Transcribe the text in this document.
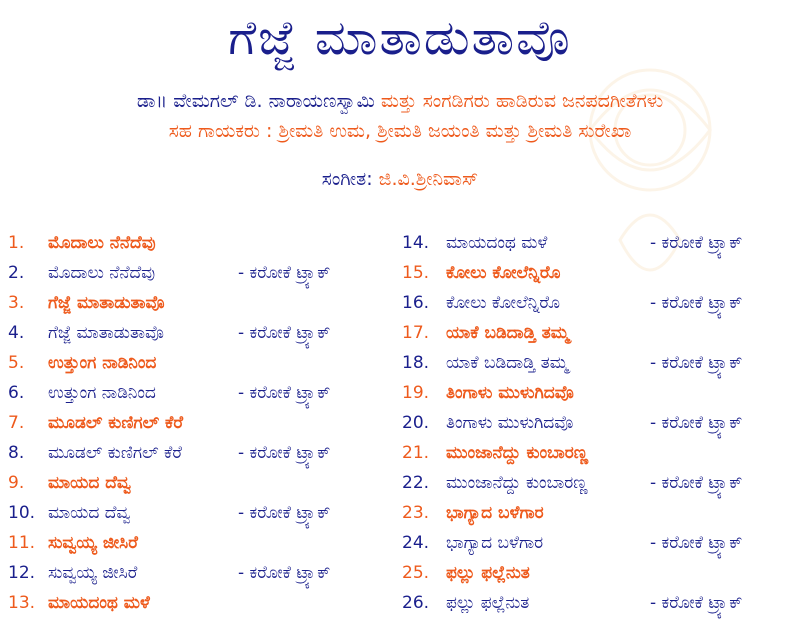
ಗೆಜ್ಜೆ ಮಾತಾಡುತಾವೊ
ಡಾ॥ ವೇಮಗಲ್ ಡಿ. ನಾರಾಯಣಸ್ವಾಮಿ ಮತ್ತು ಸಂಗಡಿಗರು ಹಾಡಿರುವ ಜನಪದಗೀತೆಗಳು
ಸಹ ಗಾಯಕರು : ಶ್ರೀಮತಿ ಉಮ, ಶ್ರೀಮತಿ ಜಯಂತಿ ಮತ್ತು ಶ್ರೀಮತಿ ಸುರೇಖಾ
ಸಂಗೀತ: ಜಿ.ವಿ.ಶ್ರೀನಿವಾಸ್
1. ಮೊದಾಲು ನೆನೆದೆವು
2. ಮೊದಾಲು ನೆನೆದೆವು	- ಕರೋಕೆ ಟ್ರ್ಯಾಕ್
3. ಗೆಜ್ಜೆ ಮಾತಾಡುತಾವೊ
4. ಗೆಜ್ಜೆ ಮಾತಾಡುತಾವೊ	- ಕರೋಕೆ ಟ್ರ್ಯಾಕ್
5. ಉತ್ತುಂಗ ನಾಡಿನಿಂದ
6. ಉತ್ತುಂಗ ನಾಡಿನಿಂದ	- ಕರೋಕೆ ಟ್ರ್ಯಾಕ್
7. ಮೂಡಲ್ ಕುಣಿಗಲ್ ಕೆರೆ
8. ಮೂಡಲ್ ಕುಣಿಗಲ್ ಕೆರೆ	- ಕರೋಕೆ ಟ್ರ್ಯಾಕ್
9. ಮಾಯದ ದೆವ್ವ
10. ಮಾಯದ ದೆವ್ವ	- ಕರೋಕೆ ಟ್ರ್ಯಾಕ್
11. ಸುವ್ವಯ್ಯ ಜೀಸಿರೆ
12. ಸುವ್ವಯ್ಯ ಜೀಸಿರೆ	- ಕರೋಕೆ ಟ್ರ್ಯಾಕ್
13. ಮಾಯದಂಥ ಮಳೆ
14. ಮಾಯದಂಥ ಮಳೆ	- ಕರೋಕೆ ಟ್ರ್ಯಾಕ್
15. ಕೋಲು ಕೋಲೆನ್ನಿರೊ
16. ಕೋಲು ಕೋಲೆನ್ನಿರೊ	- ಕರೋಕೆ ಟ್ರ್ಯಾಕ್
17. ಯಾಕೆ ಬಡಿದಾಡ್ತಿ ತಮ್ಮ
18. ಯಾಕೆ ಬಡಿದಾಡ್ತಿ ತಮ್ಮ	- ಕರೋಕೆ ಟ್ರ್ಯಾಕ್
19. ತಿಂಗಾಳು ಮುಳುಗಿದವೊ
20. ತಿಂಗಾಳು ಮುಳುಗಿದವೊ	- ಕರೋಕೆ ಟ್ರ್ಯಾಕ್
21. ಮುಂಜಾನೆದ್ದು ಕುಂಬಾರಣ್ಣ
22. ಮುಂಜಾನೆದ್ದು ಕುಂಬಾರಣ್ಣ	- ಕರೋಕೆ ಟ್ರ್ಯಾಕ್
23. ಭಾಗ್ಯಾದ ಬಳೆಗಾರ
24. ಭಾಗ್ಯಾದ ಬಳೆಗಾರ	- ಕರೋಕೆ ಟ್ರ್ಯಾಕ್
25. ಫಲ್ಲು ಫಲ್ಲೆನುತ
26. ಫಲ್ಲು ಫಲ್ಲೆನುತ	- ಕರೋಕೆ ಟ್ರ್ಯಾಕ್
